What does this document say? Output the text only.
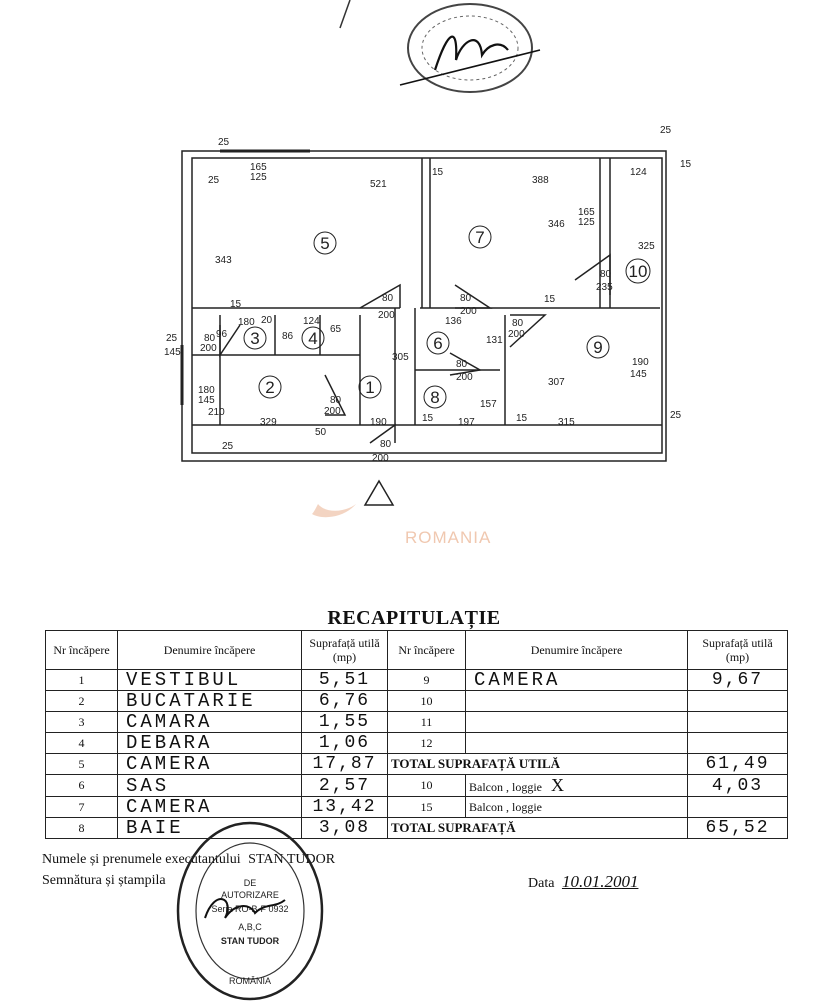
5	7
10
3	4	6	9
2	1
8
25
165
125
25	521
15
388
124
15
25
343
346
165
125
325
80
235
15
80
200
80
200
15
180 20	124	136	80
200
96	86
80
200
65
131
25
145	305
80
200
190
145
307
180
145	157
210
80
200
329	190	15 197	15	315
25
25
50
80
200
ROMANIA
RECAPITULAȚIE
Nr încăpere	Denumire încăpere	Suprafață utilă (mp)	Nr încăpere	Denumire încăpere	Suprafață utilă (mp)
1	VESTIBUL	5,51	9	CAMERA	9,67
2	BUCATARIE	6,76	10		
3	CAMARA	1,55	11		
4	DEBARA	1,06	12		
5	CAMERA	17,87	TOTAL SUPRAFAȚĂ UTILĂ		61,49
6	SAS	2,57	10	Balcon , loggie X	4,03
7	CAMERA	13,42	15	Balcon , loggie	
8	BAIE	3,08	TOTAL SUPRAFAȚĂ		65,52
Numele și prenumele executantului STAN TUDOR
Semnătura și ștampila	Data 10.01.2001
DE
AUTORIZARE
Seria RO-B-F 0932
A,B,C
STAN TUDOR
ROMÂNIA
